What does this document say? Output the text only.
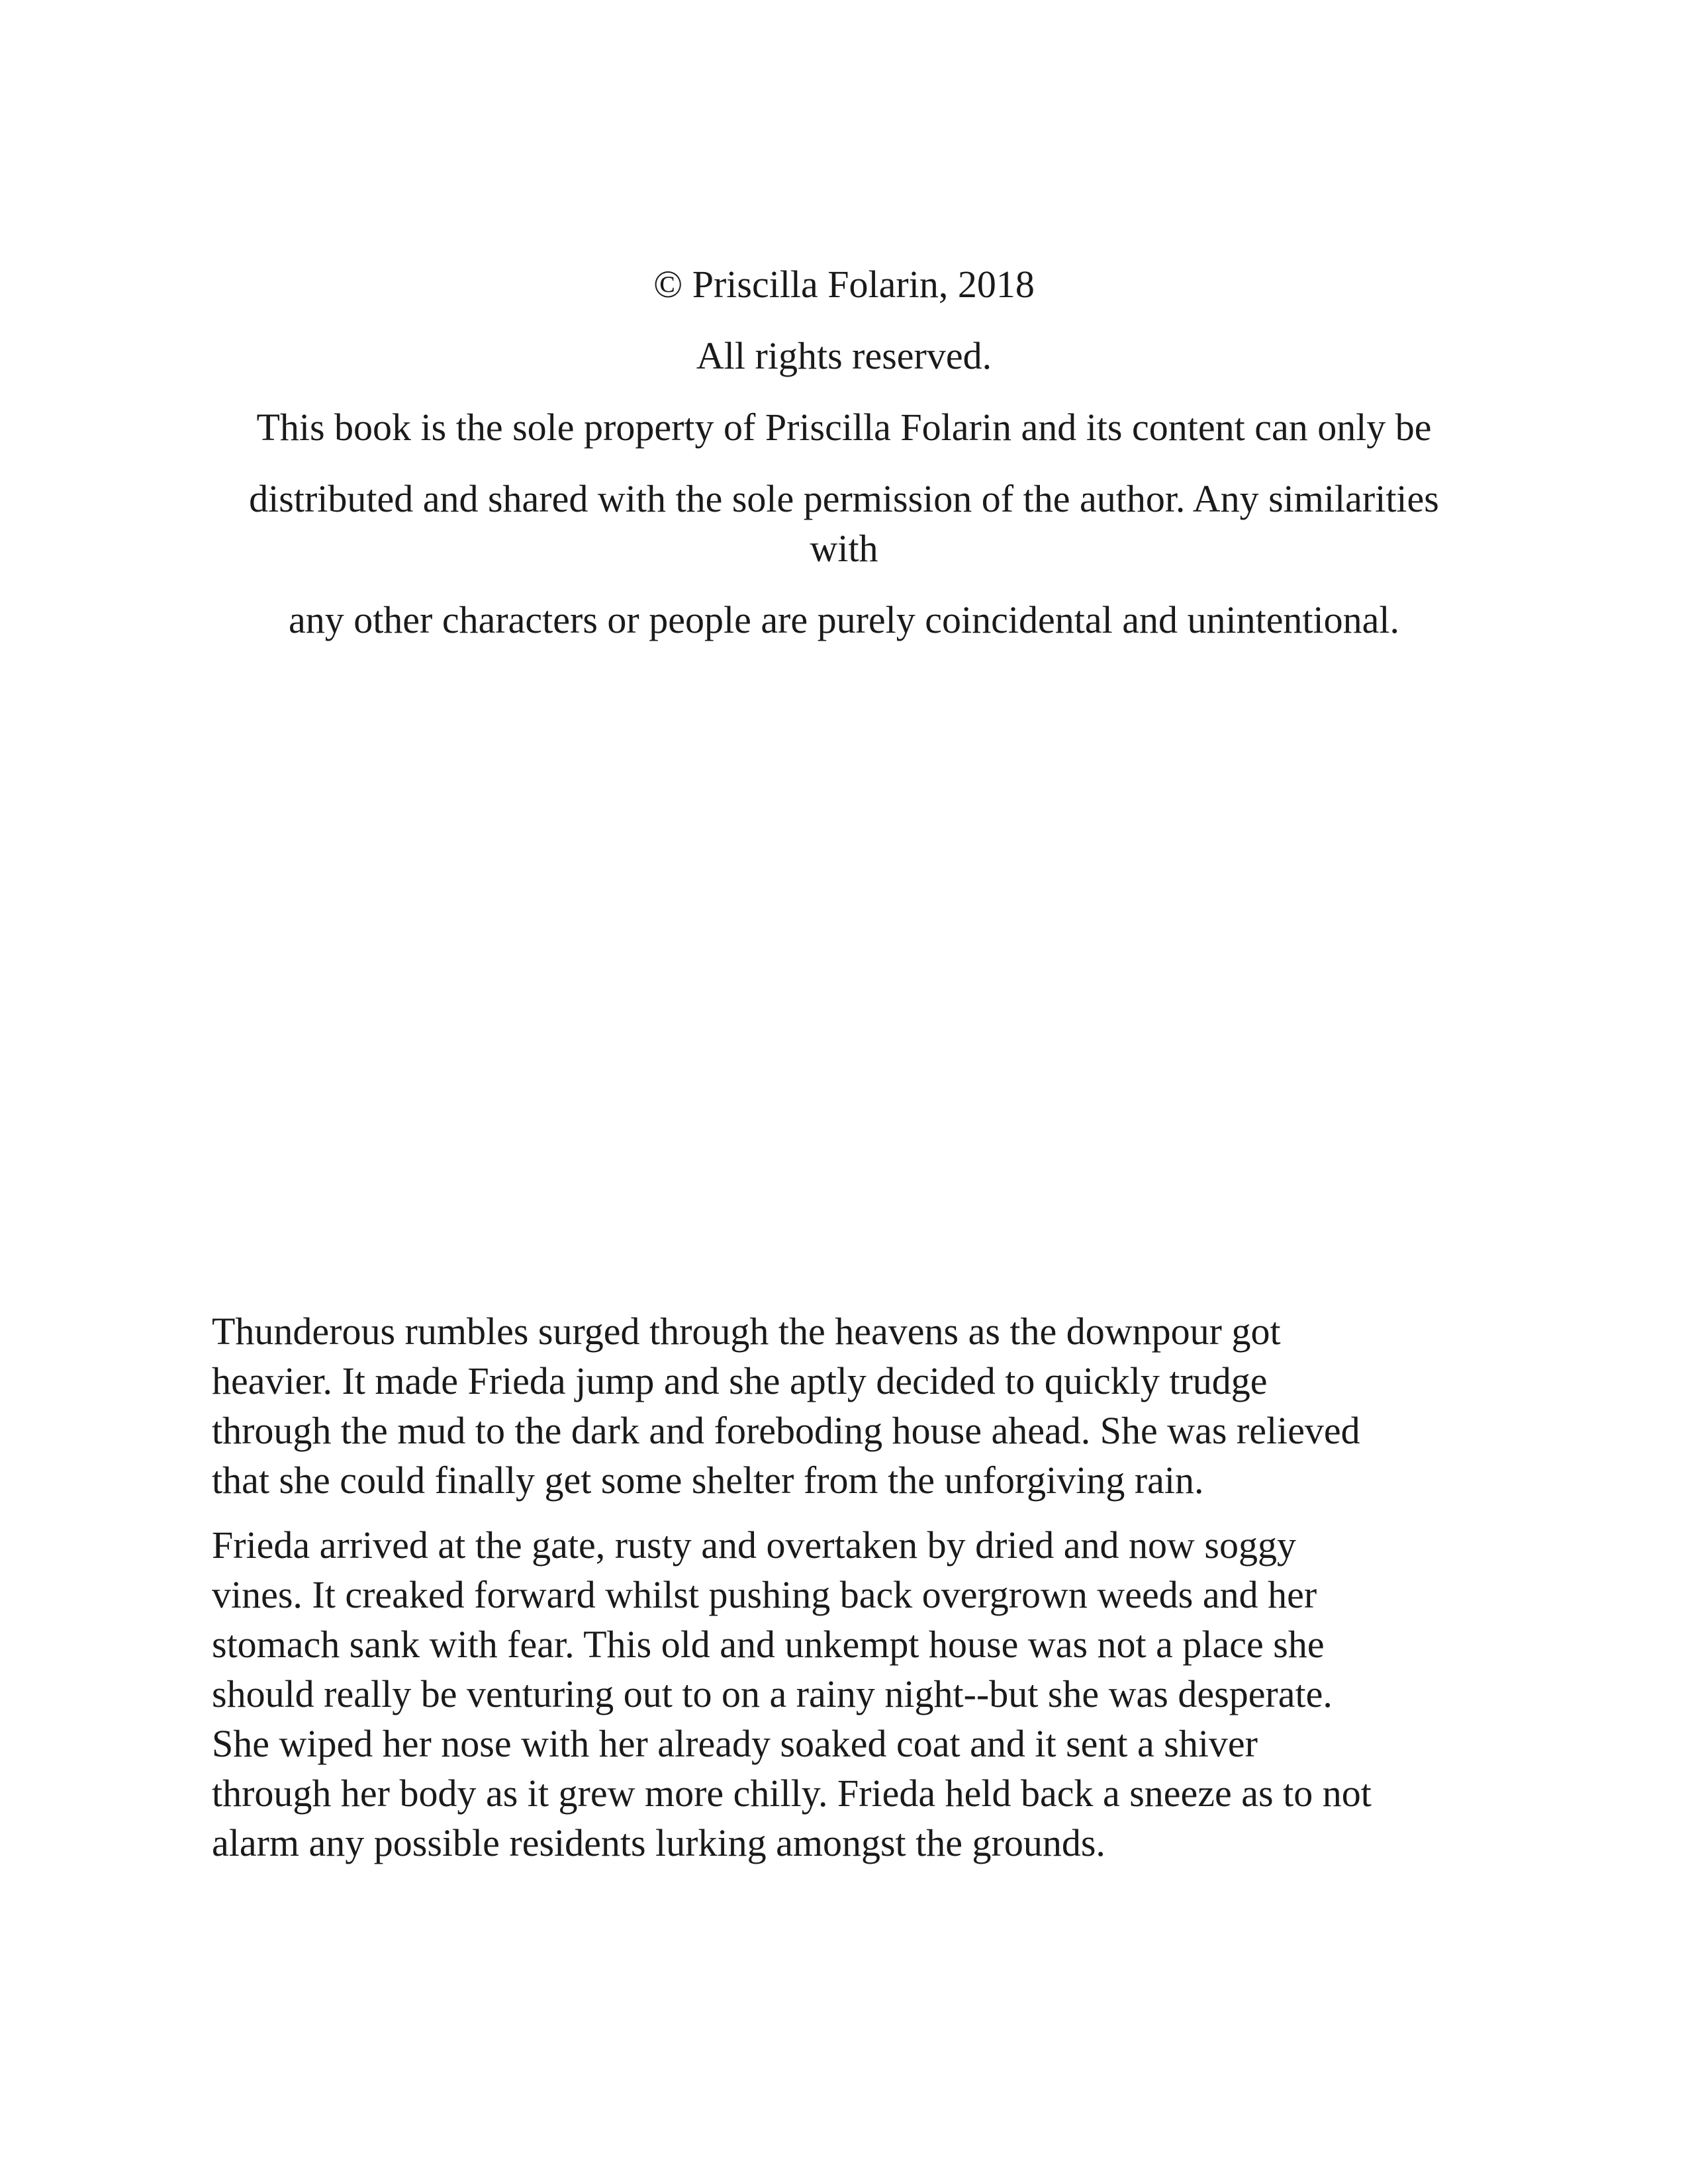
© Priscilla Folarin, 2018

All rights reserved.

This book is the sole property of Priscilla Folarin and its content can only be

distributed and shared with the sole permission of the author. Any similarities with

any other characters or people are purely coincidental and unintentional.

Thunderous rumbles surged through the heavens as the downpour got
heavier. It made Frieda jump and she aptly decided to quickly trudge
through the mud to the dark and foreboding house ahead. She was relieved
that she could finally get some shelter from the unforgiving rain.

Frieda arrived at the gate, rusty and overtaken by dried and now soggy
vines. It creaked forward whilst pushing back overgrown weeds and her
stomach sank with fear. This old and unkempt house was not a place she
should really be venturing out to on a rainy night--but she was desperate.
She wiped her nose with her already soaked coat and it sent a shiver
through her body as it grew more chilly. Frieda held back a sneeze as to not
alarm any possible residents lurking amongst the grounds.
